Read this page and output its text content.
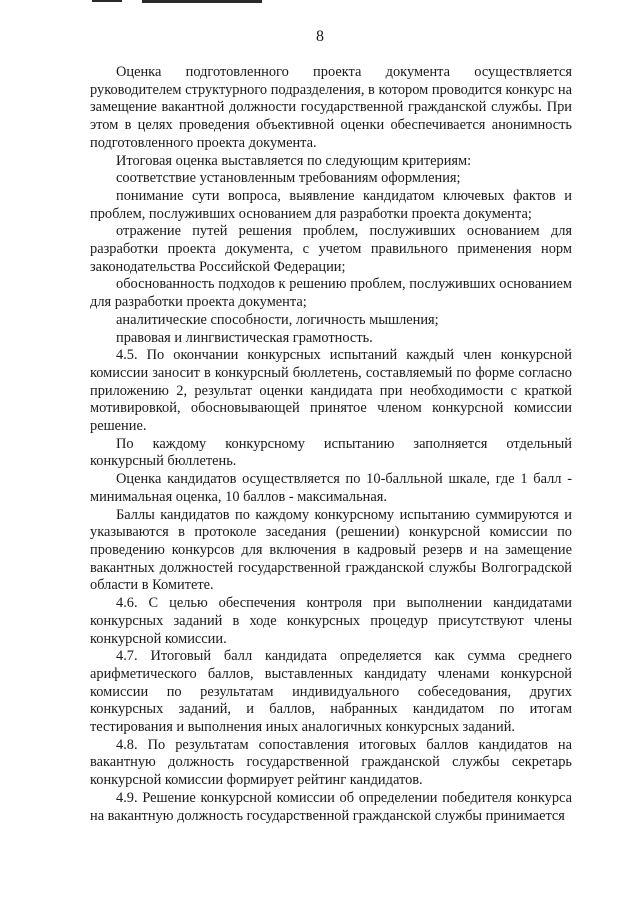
8

Оценка подготовленного проекта документа осуществляется руководителем структурного подразделения, в котором проводится конкурс на замещение вакантной должности государственной гражданской службы. При этом в целях проведения объективной оценки обеспечивается анонимность подготовленного проекта документа.

Итоговая оценка выставляется по следующим критериям:

соответствие установленным требованиям оформления;

понимание сути вопроса, выявление кандидатом ключевых фактов и проблем, послуживших основанием для разработки проекта документа;

отражение путей решения проблем, послуживших основанием для разработки проекта документа, с учетом правильного применения норм законодательства Российской Федерации;

обоснованность подходов к решению проблем, послуживших основанием для разработки проекта документа;

аналитические способности, логичность мышления;

правовая и лингвистическая грамотность.

4.5. По окончании конкурсных испытаний каждый член конкурсной комиссии заносит в конкурсный бюллетень, составляемый по форме согласно приложению 2, результат оценки кандидата при необходимости с краткой мотивировкой, обосновывающей принятое членом конкурсной комиссии решение.

По каждому конкурсному испытанию заполняется отдельный конкурсный бюллетень.

Оценка кандидатов осуществляется по 10-балльной шкале, где 1 балл - минимальная оценка, 10 баллов - максимальная.

Баллы кандидатов по каждому конкурсному испытанию суммируются и указываются в протоколе заседания (решении) конкурсной комиссии по проведению конкурсов для включения в кадровый резерв и на замещение вакантных должностей государственной гражданской службы Волгоградской области в Комитете.

4.6. С целью обеспечения контроля при выполнении кандидатами конкурсных заданий в ходе конкурсных процедур присутствуют члены конкурсной комиссии.

4.7. Итоговый балл кандидата определяется как сумма среднего арифметического баллов, выставленных кандидату членами конкурсной комиссии по результатам индивидуального собеседования, других конкурсных заданий, и баллов, набранных кандидатом по итогам тестирования и выполнения иных аналогичных конкурсных заданий.

4.8. По результатам сопоставления итоговых баллов кандидатов на вакантную должность государственной гражданской службы секретарь конкурсной комиссии формирует рейтинг кандидатов.

4.9. Решение конкурсной комиссии об определении победителя конкурса на вакантную должность государственной гражданской службы принимается
